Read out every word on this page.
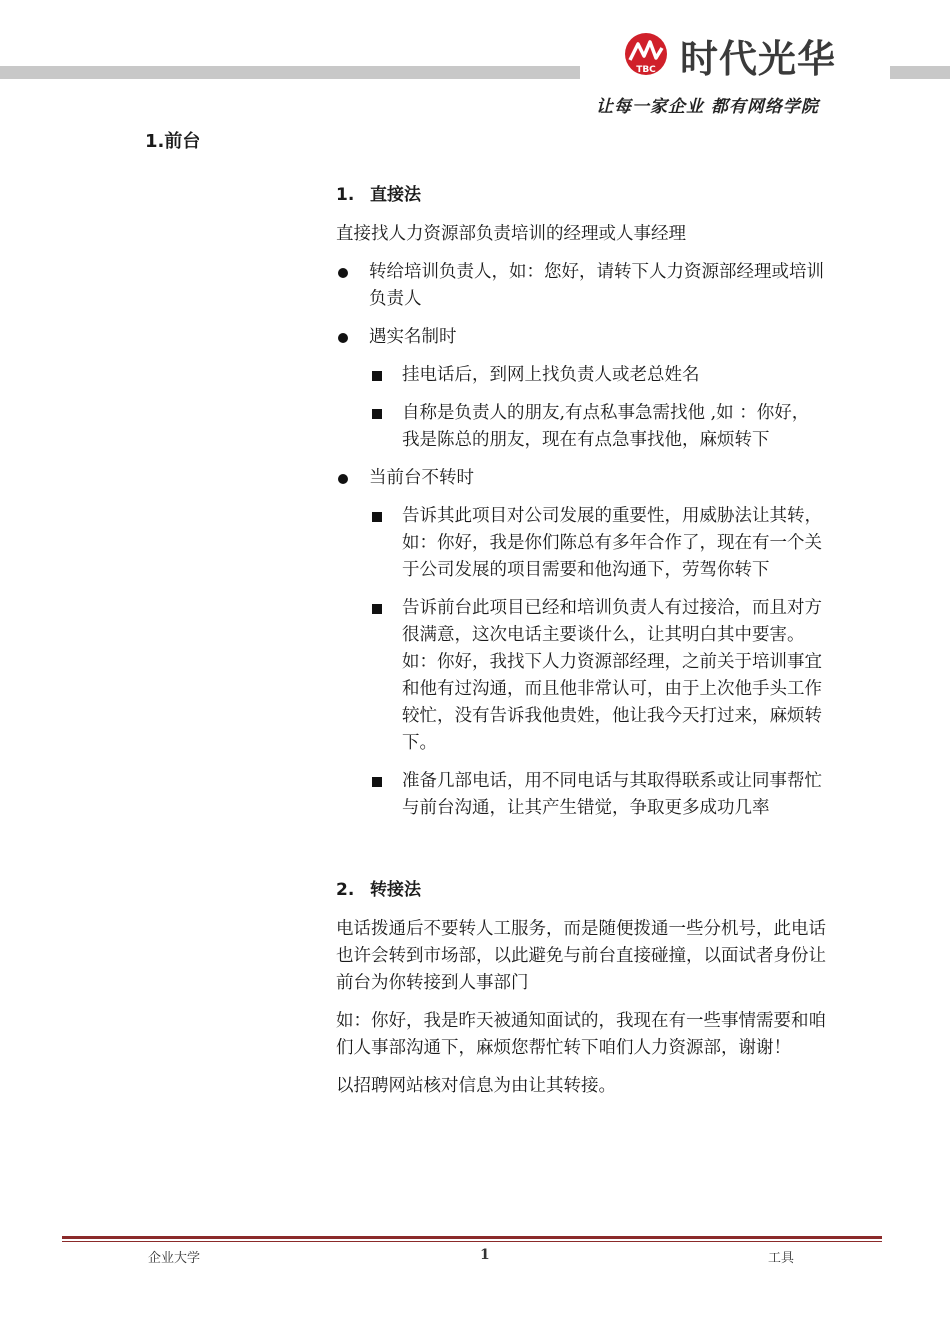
TBC 时代光华
让每一家企业 都有网络学院
1.前台
1. 直接法
直接找人力资源部负责培训的经理或人事经理
转给培训负责人，如：您好，请转下人力资源部经理或培训负责人
遇实名制时
挂电话后，到网上找负责人或老总姓名
自称是负责人的朋友,有点私事急需找他 ,如 ：你好，我是陈总的朋友，现在有点急事找他，麻烦转下
当前台不转时
告诉其此项目对公司发展的重要性，用威胁法让其转，如：你好，我是你们陈总有多年合作了，现在有一个关于公司发展的项目需要和他沟通下，劳驾你转下
告诉前台此项目已经和培训负责人有过接洽，而且对方很满意，这次电话主要谈什么，让其明白其中要害。如：你好，我找下人力资源部经理，之前关于培训事宜和他有过沟通，而且他非常认可，由于上次他手头工作较忙，没有告诉我他贵姓，他让我今天打过来，麻烦转下。
准备几部电话，用不同电话与其取得联系或让同事帮忙与前台沟通，让其产生错觉，争取更多成功几率
2. 转接法
电话拨通后不要转人工服务，而是随便拨通一些分机号，此电话也许会转到市场部，以此避免与前台直接碰撞，以面试者身份让前台为你转接到人事部门
如：你好，我是昨天被通知面试的，我现在有一些事情需要和咱们人事部沟通下，麻烦您帮忙转下咱们人力资源部，谢谢！
以招聘网站核对信息为由让其转接。
企业大学	1	工具
